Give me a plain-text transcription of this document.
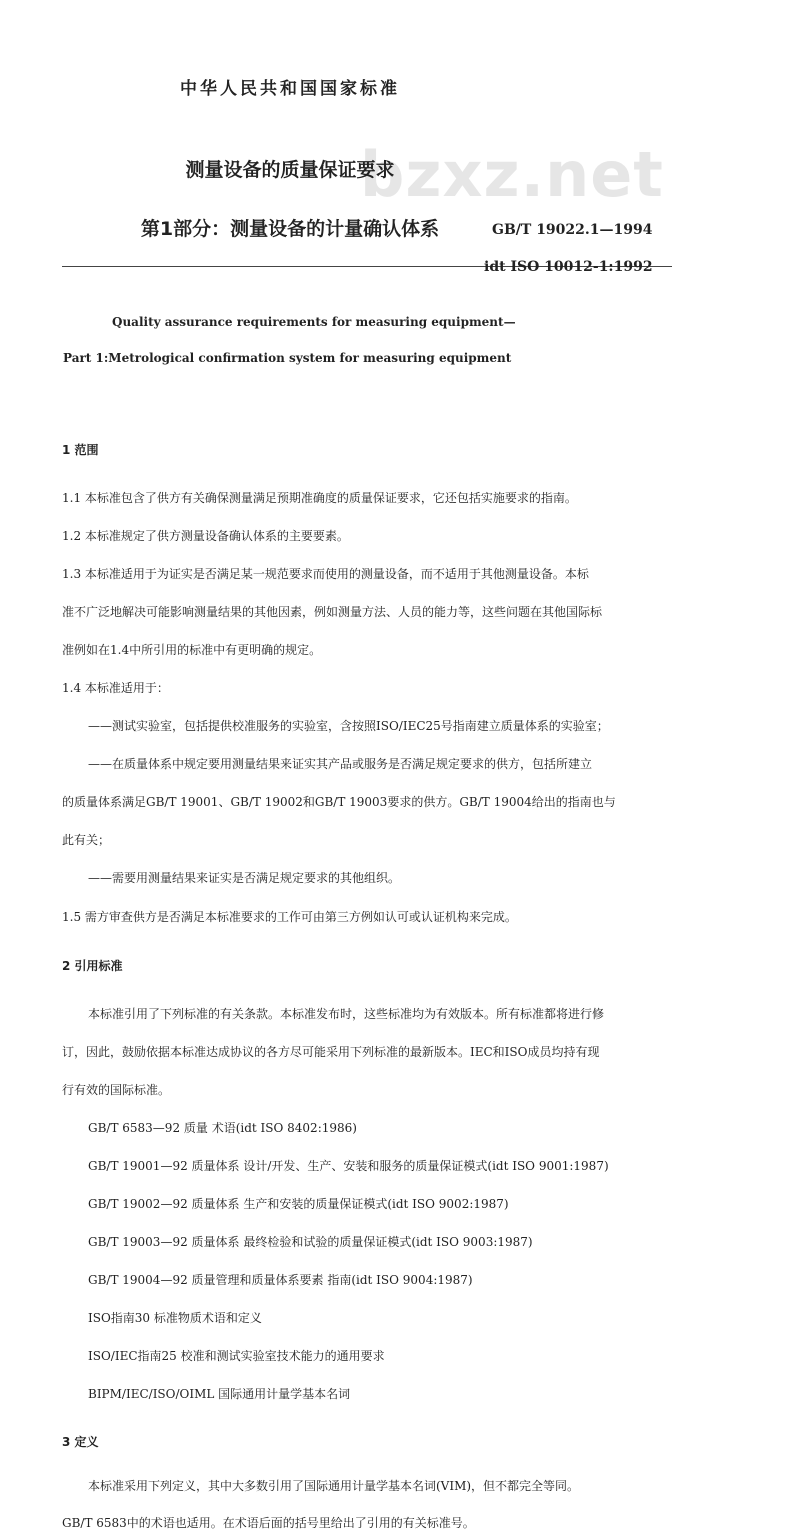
bzxz.net
中华人民共和国国家标准
测量设备的质量保证要求
第1部分：测量设备的计量确认体系	GB/T 19022.1—1994
idt ISO 10012-1:1992
Quality assurance requirements for measuring equipment—
Part 1:Metrological confirmation system for measuring equipment
1 范围
1.1 本标准包含了供方有关确保测量满足预期准确度的质量保证要求，它还包括实施要求的指南。
1.2 本标准规定了供方测量设备确认体系的主要要素。
1.3 本标准适用于为证实是否满足某一规范要求而使用的测量设备，而不适用于其他测量设备。本标
准不广泛地解决可能影响测量结果的其他因素，例如测量方法、人员的能力等，这些问题在其他国际标
准例如在1.4中所引用的标准中有更明确的规定。
1.4 本标准适用于：
——测试实验室，包括提供校准服务的实验室，含按照ISO/IEC25号指南建立质量体系的实验室；
——在质量体系中规定要用测量结果来证实其产品或服务是否满足规定要求的供方，包括所建立
的质量体系满足GB/T 19001、GB/T 19002和GB/T 19003要求的供方。GB/T 19004给出的指南也与
此有关；
——需要用测量结果来证实是否满足规定要求的其他组织。
1.5 需方审查供方是否满足本标准要求的工作可由第三方例如认可或认证机构来完成。
2 引用标准
本标准引用了下列标准的有关条款。本标准发布时，这些标准均为有效版本。所有标准都将进行修
订，因此，鼓励依据本标准达成协议的各方尽可能采用下列标准的最新版本。IEC和ISO成员均持有现
行有效的国际标准。
GB/T 6583—92 质量 术语(idt ISO 8402:1986)
GB/T 19001—92 质量体系 设计/开发、生产、安装和服务的质量保证模式(idt ISO 9001:1987)
GB/T 19002—92 质量体系 生产和安装的质量保证模式(idt ISO 9002:1987)
GB/T 19003—92 质量体系 最终检验和试验的质量保证模式(idt ISO 9003:1987)
GB/T 19004—92 质量管理和质量体系要素 指南(idt ISO 9004:1987)
ISO指南30 标准物质术语和定义
ISO/IEC指南25 校准和测试实验室技术能力的通用要求
BIPM/IEC/ISO/OIML 国际通用计量学基本名词
3 定义
本标准采用下列定义，其中大多数引用了国际通用计量学基本名词(VIM)，但不都完全等同。
GB/T 6583中的术语也适用。在术语后面的括号里给出了引用的有关标准号。
